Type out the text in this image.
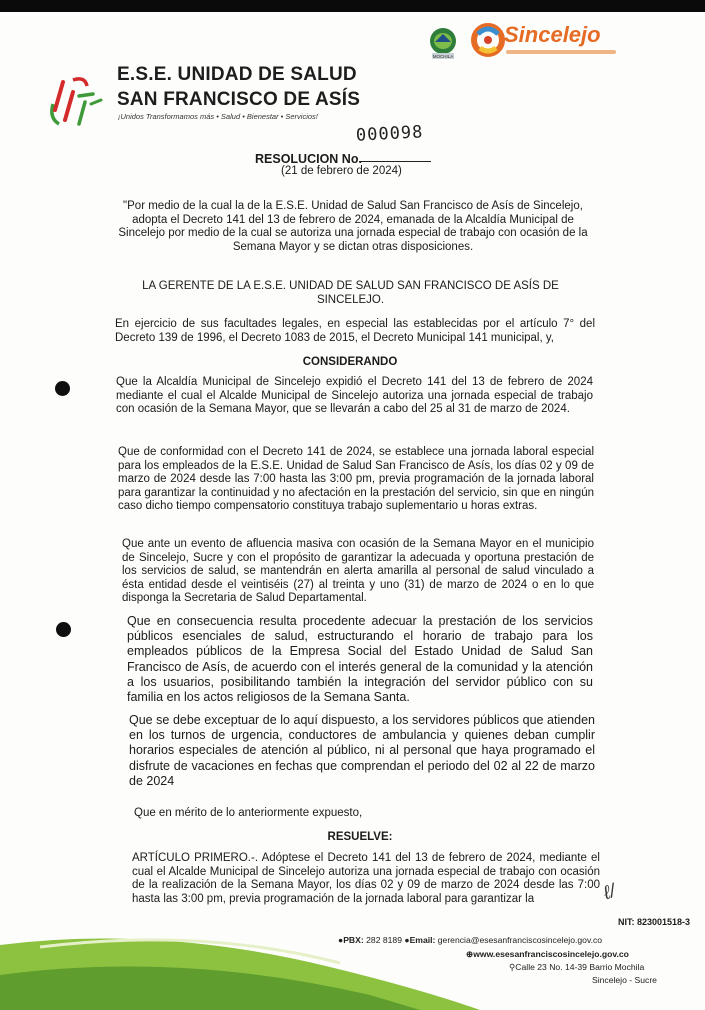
E.S.E. UNIDAD DE SALUD
SAN FRANCISCO DE ASÍS
¡Unidos Transformamos más • Salud • Bienestar • Servicios!
MOCHILA
Sincelejo
000098
RESOLUCION No.
(21 de febrero de 2024)

"Por medio de la cual la de la E.S.E. Unidad de Salud San Francisco de Asís de Sincelejo, adopta el Decreto 141 del 13 de febrero de 2024, emanada de la Alcaldía Municipal de Sincelejo por medio de la cual se autoriza una jornada especial de trabajo con ocasión de la Semana Mayor y se dictan otras disposiciones.

LA GERENTE DE LA E.S.E. UNIDAD DE SALUD SAN FRANCISCO DE ASÍS DE SINCELEJO.

En ejercicio de sus facultades legales, en especial las establecidas por el artículo 7° del Decreto 139 de 1996, el Decreto 1083 de 2015, el Decreto Municipal 141 municipal, y,

CONSIDERANDO

Que la Alcaldía Municipal de Sincelejo expidió el Decreto 141 del 13 de febrero de 2024 mediante el cual el Alcalde Municipal de Sincelejo autoriza una jornada especial de trabajo con ocasión de la Semana Mayor, que se llevarán a cabo del 25 al 31 de marzo de 2024.

Que de conformidad con el Decreto 141 de 2024, se establece una jornada laboral especial para los empleados de la E.S.E. Unidad de Salud San Francisco de Asís, los días 02 y 09 de marzo de 2024 desde las 7:00 hasta las 3:00 pm, previa programación de la jornada laboral para garantizar la continuidad y no afectación en la prestación del servicio, sin que en ningún caso dicho tiempo compensatorio constituya trabajo suplementario u horas extras.

Que ante un evento de afluencia masiva con ocasión de la Semana Mayor en el municipio de Sincelejo, Sucre y con el propósito de garantizar la adecuada y oportuna prestación de los servicios de salud, se mantendrán en alerta amarilla al personal de salud vinculado a ésta entidad desde el veintiséis (27) al treinta y uno (31) de marzo de 2024 o en lo que disponga la Secretaria de Salud Departamental.

Que en consecuencia resulta procedente adecuar la prestación de los servicios públicos esenciales de salud, estructurando el horario de trabajo para los empleados públicos de la Empresa Social del Estado Unidad de Salud San Francisco de Asís, de acuerdo con el interés general de la comunidad y la atención a los usuarios, posibilitando también la integración del servidor público con su familia en los actos religiosos de la Semana Santa.

Que se debe exceptuar de lo aquí dispuesto, a los servidores públicos que atienden en los turnos de urgencia, conductores de ambulancia y quienes deban cumplir horarios especiales de atención al público, ni al personal que haya programado el disfrute de vacaciones en fechas que comprendan el periodo del 02 al 22 de marzo de 2024

Que en mérito de lo anteriormente expuesto,

RESUELVE:

ARTÍCULO PRIMERO.-. Adóptese el Decreto 141 del 13 de febrero de 2024, mediante el cual el Alcalde Municipal de Sincelejo autoriza una jornada especial de trabajo con ocasión de la realización de la Semana Mayor, los días 02 y 09 de marzo de 2024 desde las 7:00 hasta las 3:00 pm, previa programación de la jornada laboral para garantizar la	ℓ/
NIT: 823001518-3
●PBX: 282 8189 ●Email: gerencia@esesanfranciscosincelejo.gov.co
⊕www.esesanfranciscosincelejo.gov.co
⚲Calle 23 No. 14-39 Barrio Mochila
Sincelejo - Sucre
